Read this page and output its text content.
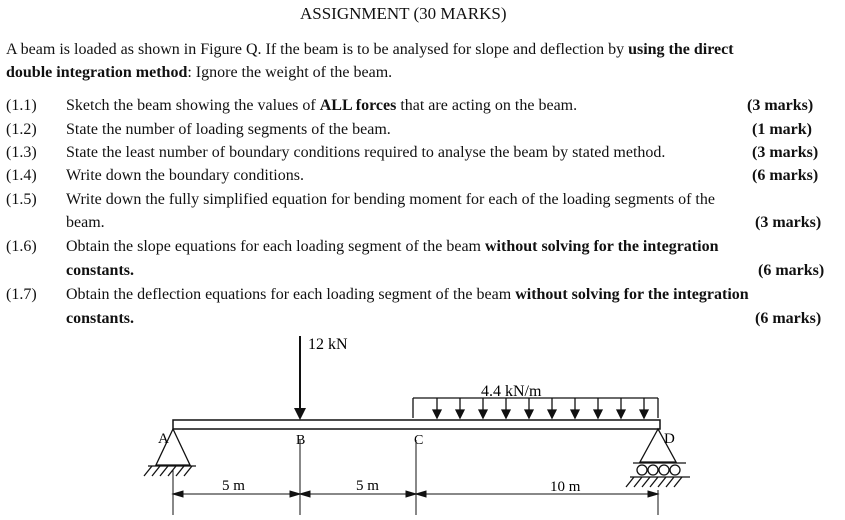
ASSIGNMENT (30 MARKS)
A beam is loaded as shown in Figure Q. If the beam is to be analysed for slope and deflection by using the direct
double integration method: Ignore the weight of the beam.
(1.1) Sketch the beam showing the values of ALL forces that are acting on the beam.	(3 marks)
(1.2) State the number of loading segments of the beam.	(1 mark)
(1.3) State the least number of boundary conditions required to analyse the beam by stated method.	(3 marks)
(1.4) Write down the boundary conditions.	(6 marks)
(1.5) Write down the fully simplified equation for bending moment for each of the loading segments of the
beam.	(3 marks)
(1.6) Obtain the slope equations for each loading segment of the beam without solving for the integration
constants.	(6 marks)
(1.7) Obtain the deflection equations for each loading segment of the beam without solving for the integration
constants.	(6 marks)
12 kN
4.4 kN/m
A	D
B	C
5 m	5 m	10 m
